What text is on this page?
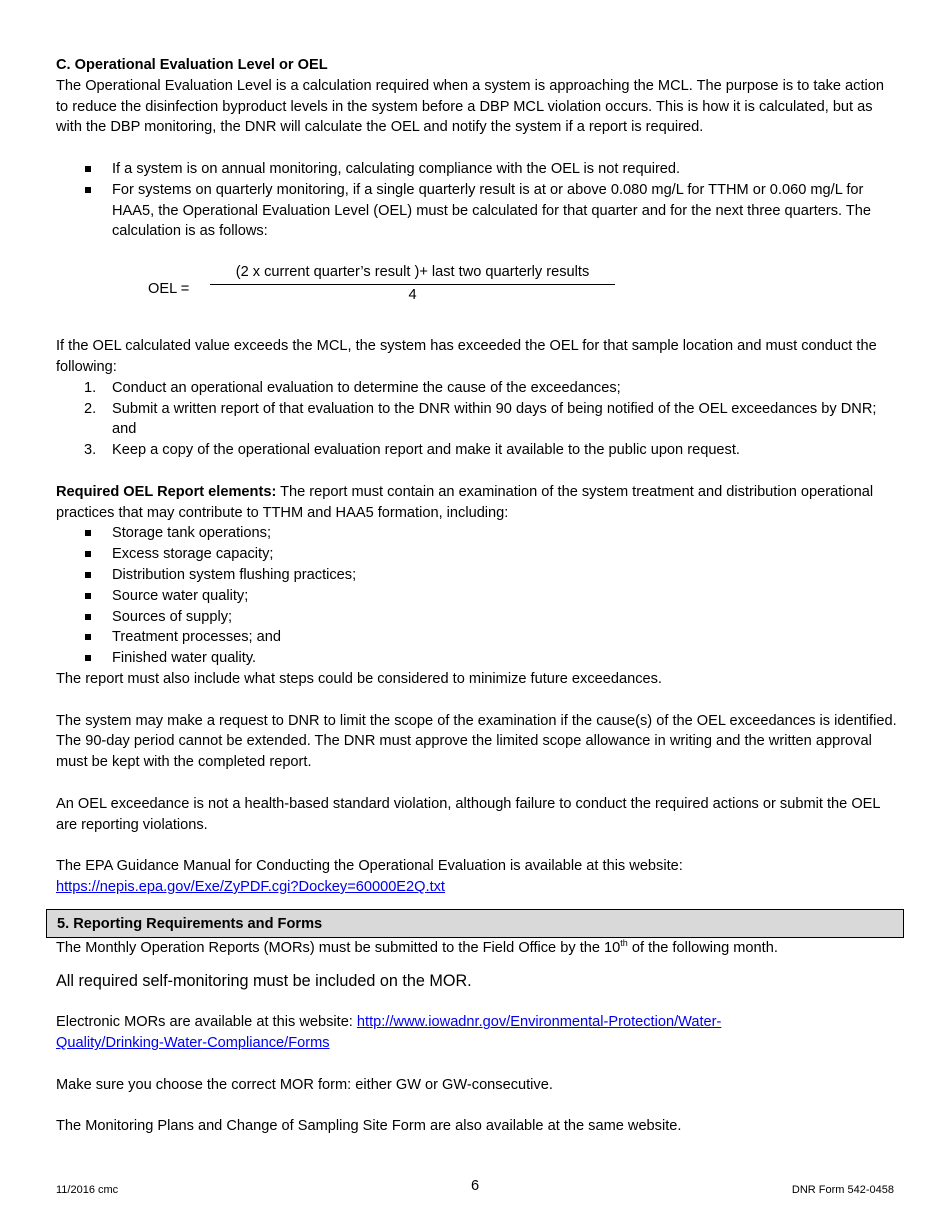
C. Operational Evaluation Level or OEL

The Operational Evaluation Level is a calculation required when a system is approaching the MCL. The purpose is to take action to reduce the disinfection byproduct levels in the system before a DBP MCL violation occurs. This is how it is calculated, but as with the DBP monitoring, the DNR will calculate the OEL and notify the system if a report is required.

If a system is on annual monitoring, calculating compliance with the OEL is not required.
For systems on quarterly monitoring, if a single quarterly result is at or above 0.080 mg/L for TTHM or 0.060 mg/L for HAA5, the Operational Evaluation Level (OEL) must be calculated for that quarter and for the next three quarters. The calculation is as follows:
OEL =
(2 x current quarter’s result )+ last two quarterly results
4

If the OEL calculated value exceeds the MCL, the system has exceeded the OEL for that sample location and must conduct the following:

1. Conduct an operational evaluation to determine the cause of the exceedances;
2. Submit a written report of that evaluation to the DNR within 90 days of being notified of the OEL exceedances by DNR; and
3. Keep a copy of the operational evaluation report and make it available to the public upon request.

Required OEL Report elements: The report must contain an examination of the system treatment and distribution operational practices that may contribute to TTHM and HAA5 formation, including:

Storage tank operations;
Excess storage capacity;
Distribution system flushing practices;
Source water quality;
Sources of supply;
Treatment processes; and
Finished water quality.

The report must also include what steps could be considered to minimize future exceedances.

The system may make a request to DNR to limit the scope of the examination if the cause(s) of the OEL exceedances is identified. The 90-day period cannot be extended. The DNR must approve the limited scope allowance in writing and the written approval must be kept with the completed report.

An OEL exceedance is not a health-based standard violation, although failure to conduct the required actions or submit the OEL are reporting violations.

The EPA Guidance Manual for Conducting the Operational Evaluation is available at this website:

https://nepis.epa.gov/Exe/ZyPDF.cgi?Dockey=60000E2Q.txt

5. Reporting Requirements and Forms

The Monthly Operation Reports (MORs) must be submitted to the Field Office by the 10th of the following month.

All required self-monitoring must be included on the MOR.

Electronic MORs are available at this website: http://www.iowadnr.gov/Environmental-Protection/Water-
Quality/Drinking-Water-Compliance/Forms

Make sure you choose the correct MOR form: either GW or GW-consecutive.

The Monitoring Plans and Change of Sampling Site Form are also available at the same website.

11/2016 cmc	6	DNR Form 542-0458
